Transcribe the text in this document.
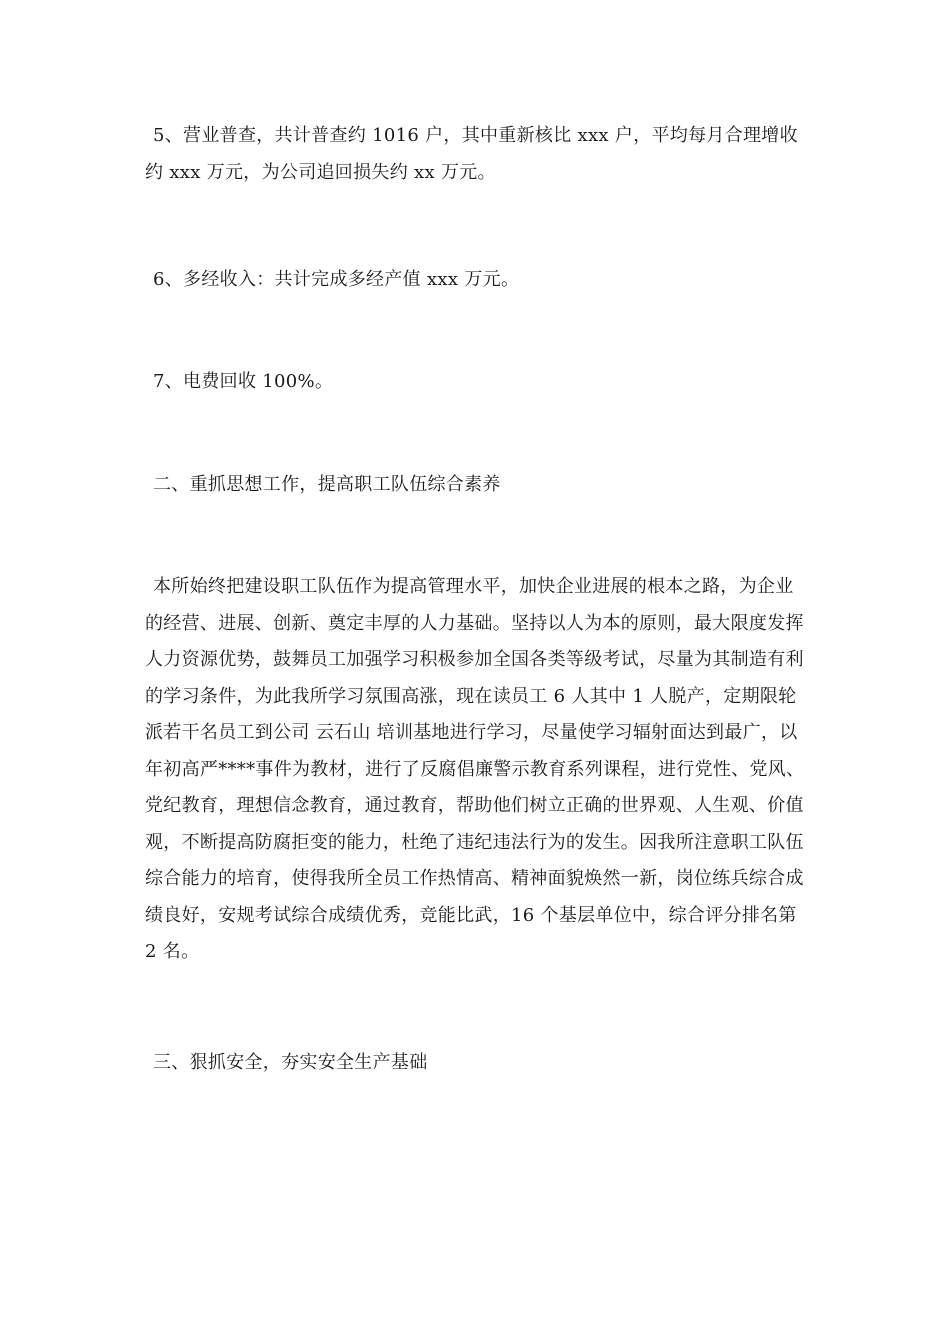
5、营业普查，共计普查约 1016 户，其中重新核比 xxx 户，平均每月合理增收约 xxx 万元，为公司追回损失约 xx 万元。

6、多经收入：共计完成多经产值 xxx 万元。

7、电费回收 100%。

二、重抓思想工作，提高职工队伍综合素养

本所始终把建设职工队伍作为提高管理水平，加快企业进展的根本之路，为企业的经营、进展、创新、奠定丰厚的人力基础。坚持以人为本的原则，最大限度发挥人力资源优势，鼓舞员工加强学习积极参加全国各类等级考试，尽量为其制造有利的学习条件，为此我所学习氛围高涨，现在读员工 6 人其中 1 人脱产，定期限轮派若干名员工到公司 云石山 培训基地进行学习，尽量使学习辐射面达到最广，以年初高严****事件为教材，进行了反腐倡廉警示教育系列课程，进行党性、党风、党纪教育，理想信念教育，通过教育，帮助他们树立正确的世界观、人生观、价值观，不断提高防腐拒变的能力，杜绝了违纪违法行为的发生。因我所注意职工队伍综合能力的培育，使得我所全员工作热情高、精神面貌焕然一新，岗位练兵综合成绩良好，安规考试综合成绩优秀，竞能比武，16 个基层单位中，综合评分排名第 2 名。

三、狠抓安全，夯实安全生产基础
